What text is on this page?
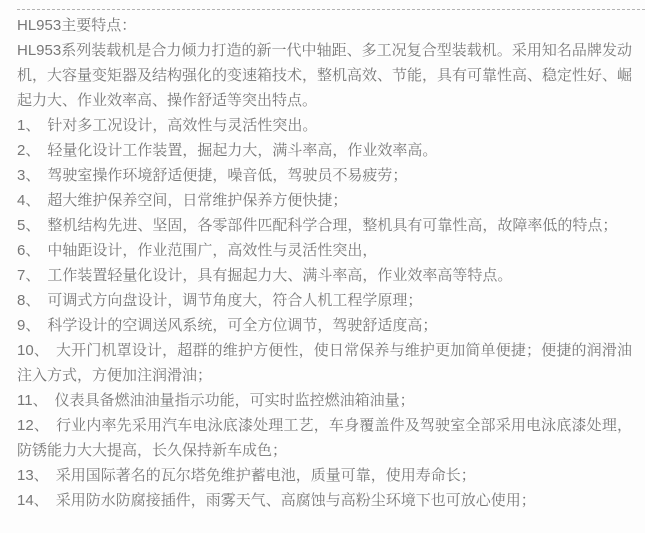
HL953主要特点：

HL953系列装载机是合力倾力打造的新一代中轴距、多工况复合型装载机。采用知名品牌发动机，大容量变矩器及结构强化的变速箱技术，整机高效、节能，具有可靠性高、稳定性好、崛起力大、作业效率高、操作舒适等突出特点。

1、 针对多工况设计，高效性与灵活性突出。

2、 轻量化设计工作装置，掘起力大，满斗率高，作业效率高。

3、 驾驶室操作环境舒适便捷，噪音低，驾驶员不易疲劳；

4、 超大维护保养空间，日常维护保养方便快捷；

5、 整机结构先进、坚固，各零部件匹配科学合理，整机具有可靠性高，故障率低的特点；

6、 中轴距设计，作业范围广，高效性与灵活性突出，

7、 工作装置轻量化设计，具有掘起力大、满斗率高，作业效率高等特点。

8、 可调式方向盘设计，调节角度大，符合人机工程学原理；

9、 科学设计的空调送风系统，可全方位调节，驾驶舒适度高；

10、 大开门机罩设计，超群的维护方便性，使日常保养与维护更加简单便捷；便捷的润滑油注入方式，方便加注润滑油；

11、 仪表具备燃油油量指示功能，可实时监控燃油箱油量；

12、 行业内率先采用汽车电泳底漆处理工艺，车身覆盖件及驾驶室全部采用电泳底漆处理，防锈能力大大提高，长久保持新车成色；

13、 采用国际著名的瓦尔塔免维护蓄电池，质量可靠，使用寿命长；

14、 采用防水防腐接插件，雨雾天气、高腐蚀与高粉尘环境下也可放心使用；
